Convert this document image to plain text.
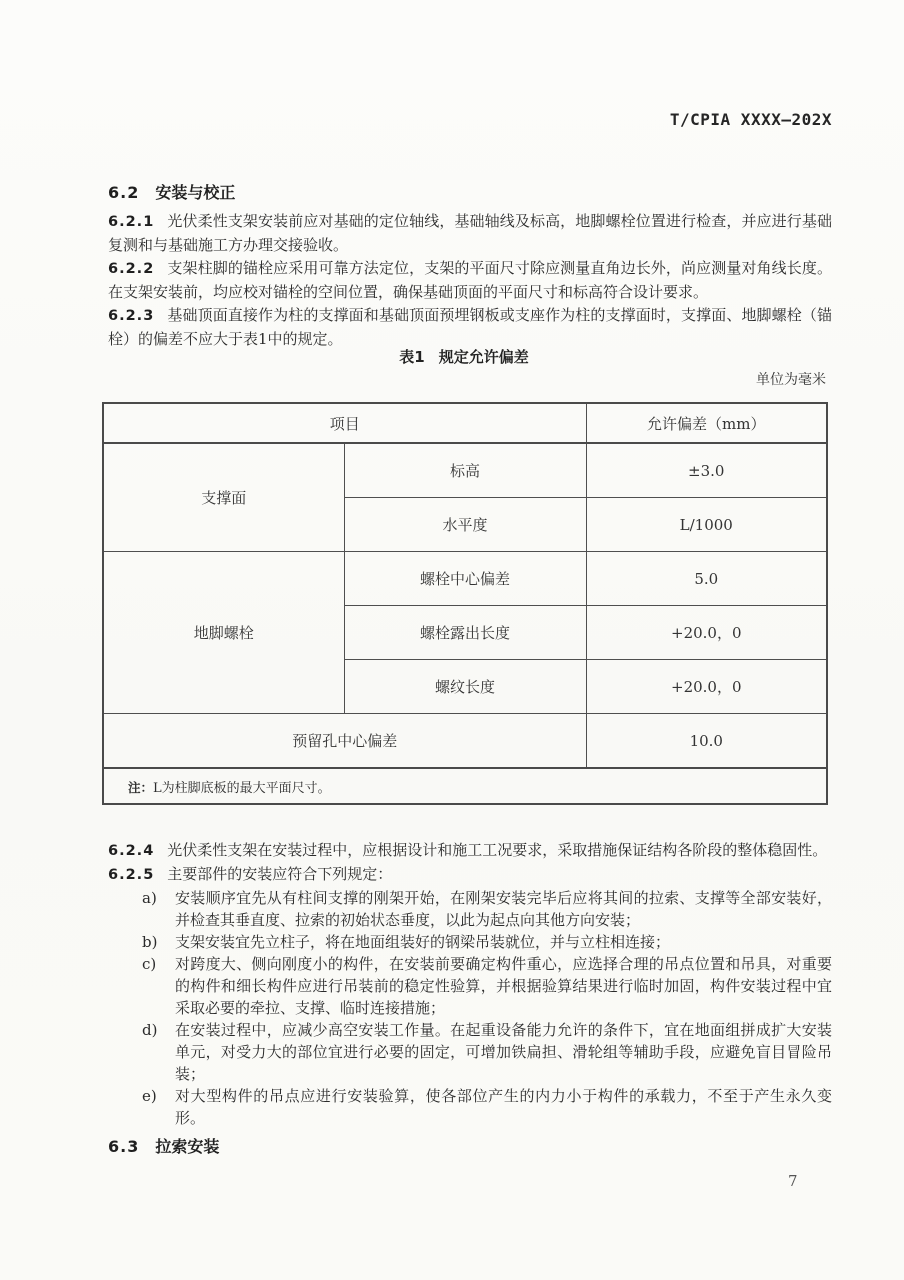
T/CPIA XXXX—202X
6.2 安装与校正

6.2.1 光伏柔性支架安装前应对基础的定位轴线，基础轴线及标高，地脚螺栓位置进行检查，并应进行基础复测和与基础施工方办理交接验收。

6.2.2 支架柱脚的锚栓应采用可靠方法定位，支架的平面尺寸除应测量直角边长外，尚应测量对角线长度。在支架安装前，均应校对锚栓的空间位置，确保基础顶面的平面尺寸和标高符合设计要求。

6.2.3 基础顶面直接作为柱的支撑面和基础顶面预埋钢板或支座作为柱的支撑面时，支撑面、地脚螺栓（锚栓）的偏差不应大于表1中的规定。

表1 规定允许偏差
单位为毫米
项目		允许偏差（mm）
支撑面	标高	±3.0
	水平度	L/1000
地脚螺栓	螺栓中心偏差	5.0
	螺栓露出长度	+20.0，0
	螺纹长度	+20.0，0
预留孔中心偏差		10.0
注：L为柱脚底板的最大平面尺寸。		

6.2.4 光伏柔性支架在安装过程中，应根据设计和施工工况要求，采取措施保证结构各阶段的整体稳固性。

6.2.5 主要部件的安装应符合下列规定：

a)	安装顺序宜先从有柱间支撑的刚架开始，在刚架安装完毕后应将其间的拉索、支撑等全部安装好，并检查其垂直度、拉索的初始状态垂度，以此为起点向其他方向安装；
b)	支架安装宜先立柱子，将在地面组装好的钢梁吊装就位，并与立柱相连接；
c)	对跨度大、侧向刚度小的构件，在安装前要确定构件重心，应选择合理的吊点位置和吊具，对重要的构件和细长构件应进行吊装前的稳定性验算，并根据验算结果进行临时加固，构件安装过程中宜采取必要的牵拉、支撑、临时连接措施；
d)	在安装过程中，应减少高空安装工作量。在起重设备能力允许的条件下，宜在地面组拼成扩大安装单元，对受力大的部位宜进行必要的固定，可增加铁扁担、滑轮组等辅助手段，应避免盲目冒险吊装；
e)	对大型构件的吊点应进行安装验算，使各部位产生的内力小于构件的承载力，不至于产生永久变形。
6.3 拉索安装
7
